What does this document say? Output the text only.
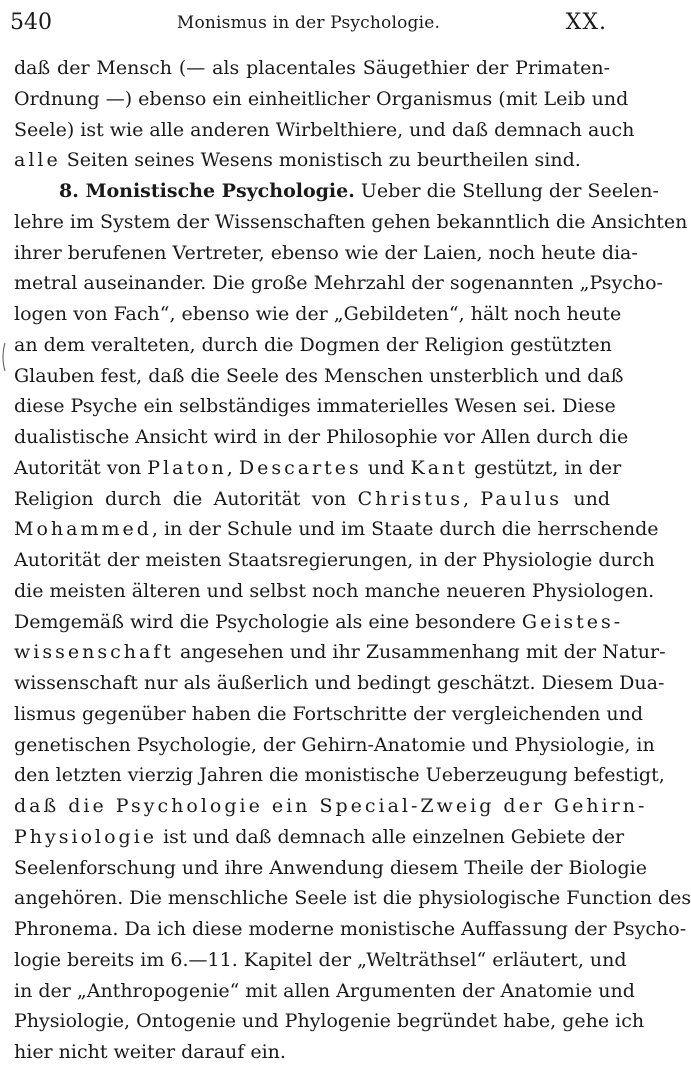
540	Monismus in der Psychologie.	XX.
daß der Mensch (— als placentales Säugethier der Primaten-
Ordnung —) ebenso ein einheitlicher Organismus (mit Leib und
Seele) ist wie alle anderen Wirbelthiere, und daß demnach auch
alle Seiten seines Wesens monistisch zu beurtheilen sind.
8. Monistische Psychologie. Ueber die Stellung der Seelen-
lehre im System der Wissenschaften gehen bekanntlich die Ansichten
ihrer berufenen Vertreter, ebenso wie der Laien, noch heute dia-
metral auseinander. Die große Mehrzahl der sogenannten „Psycho-
logen von Fach“, ebenso wie der „Gebildeten“, hält noch heute
an dem veralteten, durch die Dogmen der Religion gestützten
Glauben fest, daß die Seele des Menschen unsterblich und daß
diese Psyche ein selbständiges immaterielles Wesen sei. Diese
dualistische Ansicht wird in der Philosophie vor Allen durch die
Autorität von Platon, Descartes und Kant gestützt, in der
Religion durch die Autorität von Christus, Paulus und
Mohammed, in der Schule und im Staate durch die herrschende
Autorität der meisten Staatsregierungen, in der Physiologie durch
die meisten älteren und selbst noch manche neueren Physiologen.
Demgemäß wird die Psychologie als eine besondere Geistes-
wissenschaft angesehen und ihr Zusammenhang mit der Natur-
wissenschaft nur als äußerlich und bedingt geschätzt. Diesem Dua-
lismus gegenüber haben die Fortschritte der vergleichenden und
genetischen Psychologie, der Gehirn-Anatomie und Physiologie, in
den letzten vierzig Jahren die monistische Ueberzeugung befestigt,
daß die Psychologie ein Special-Zweig der Gehirn-
Physiologie ist und daß demnach alle einzelnen Gebiete der
Seelenforschung und ihre Anwendung diesem Theile der Biologie
angehören. Die menschliche Seele ist die physiologische Function des
Phronema. Da ich diese moderne monistische Auffassung der Psycho-
logie bereits im 6.—11. Kapitel der „Welträthsel“ erläutert, und
in der „Anthropogenie“ mit allen Argumenten der Anatomie und
Physiologie, Ontogenie und Phylogenie begründet habe, gehe ich
hier nicht weiter darauf ein.
